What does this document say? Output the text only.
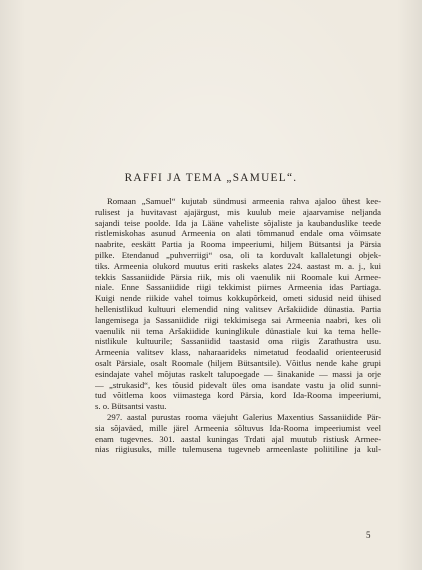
RAFFI JA TEMA „SAMUEL“.
Romaan „Samuel“ kujutab sündmusi armeenia rahva ajaloo ühest kee-
rulisest ja huvitavast ajajärgust, mis kuulub meie ajaarvamise neljanda
sajandi teise poolde. Ida ja Lääne vaheliste sõjaliste ja kaubanduslike teede
ristlemiskohas asunud Armeenia on alati tõmmanud endale oma võimsate
naabrite, eeskätt Partia ja Rooma impeeriumi, hiljem Bütsantsi ja Pärsia
pilke. Etendanud „puhverriigi“ osa, oli ta korduvalt kallaletungi objek-
tiks. Armeenia olukord muutus eriti raskeks alates 224. aastast m. a. j., kui
tekkis Sassaniidide Pärsia riik, mis oli vaenulik nii Roomale kui Armee-
niale. Enne Sassaniidide riigi tekkimist piirnes Armeenia idas Partiaga.
Kuigi nende riikide vahel toimus kokkupõrkeid, ometi sidusid neid ühised
hellenistlikud kultuuri elemendid ning valitsev Aršakiidide dünastia. Partia
langemisega ja Sassaniidide riigi tekkimisega sai Armeenia naabri, kes oli
vaenulik nii tema Aršakiidide kuninglikule dünastiale kui ka tema helle-
nistlikule kultuurile; Sassaniidid taastasid oma riigis Zarathustra usu.
Armeenia valitsev klass, naharaarideks nimetatud feodaalid orienteerusid
osalt Pärsiale, osalt Roomale (hiljem Bütsantsile). Võitlus nende kahe grupi
esindajate vahel mõjutas raskelt talupoegade — šinakanide — massi ja orje
— „strukasid“, kes tõusid pidevalt üles oma isandate vastu ja olid sunni-
tud võitlema koos viimastega kord Pärsia, kord Ida-Rooma impeeriumi,
s. o. Bütsantsi vastu.
297. aastal purustas rooma väejuht Galerius Maxentius Sassaniidide Pär-
sia sõjaväed, mille järel Armeenia sõltuvus Ida-Rooma impeeriumist veel
enam tugevnes. 301. aastal kuningas Trdati ajal muutub ristiusk Armee-
nias riigiusuks, mille tulemusena tugevneb armeenlaste poliitiline ja kul-
5
